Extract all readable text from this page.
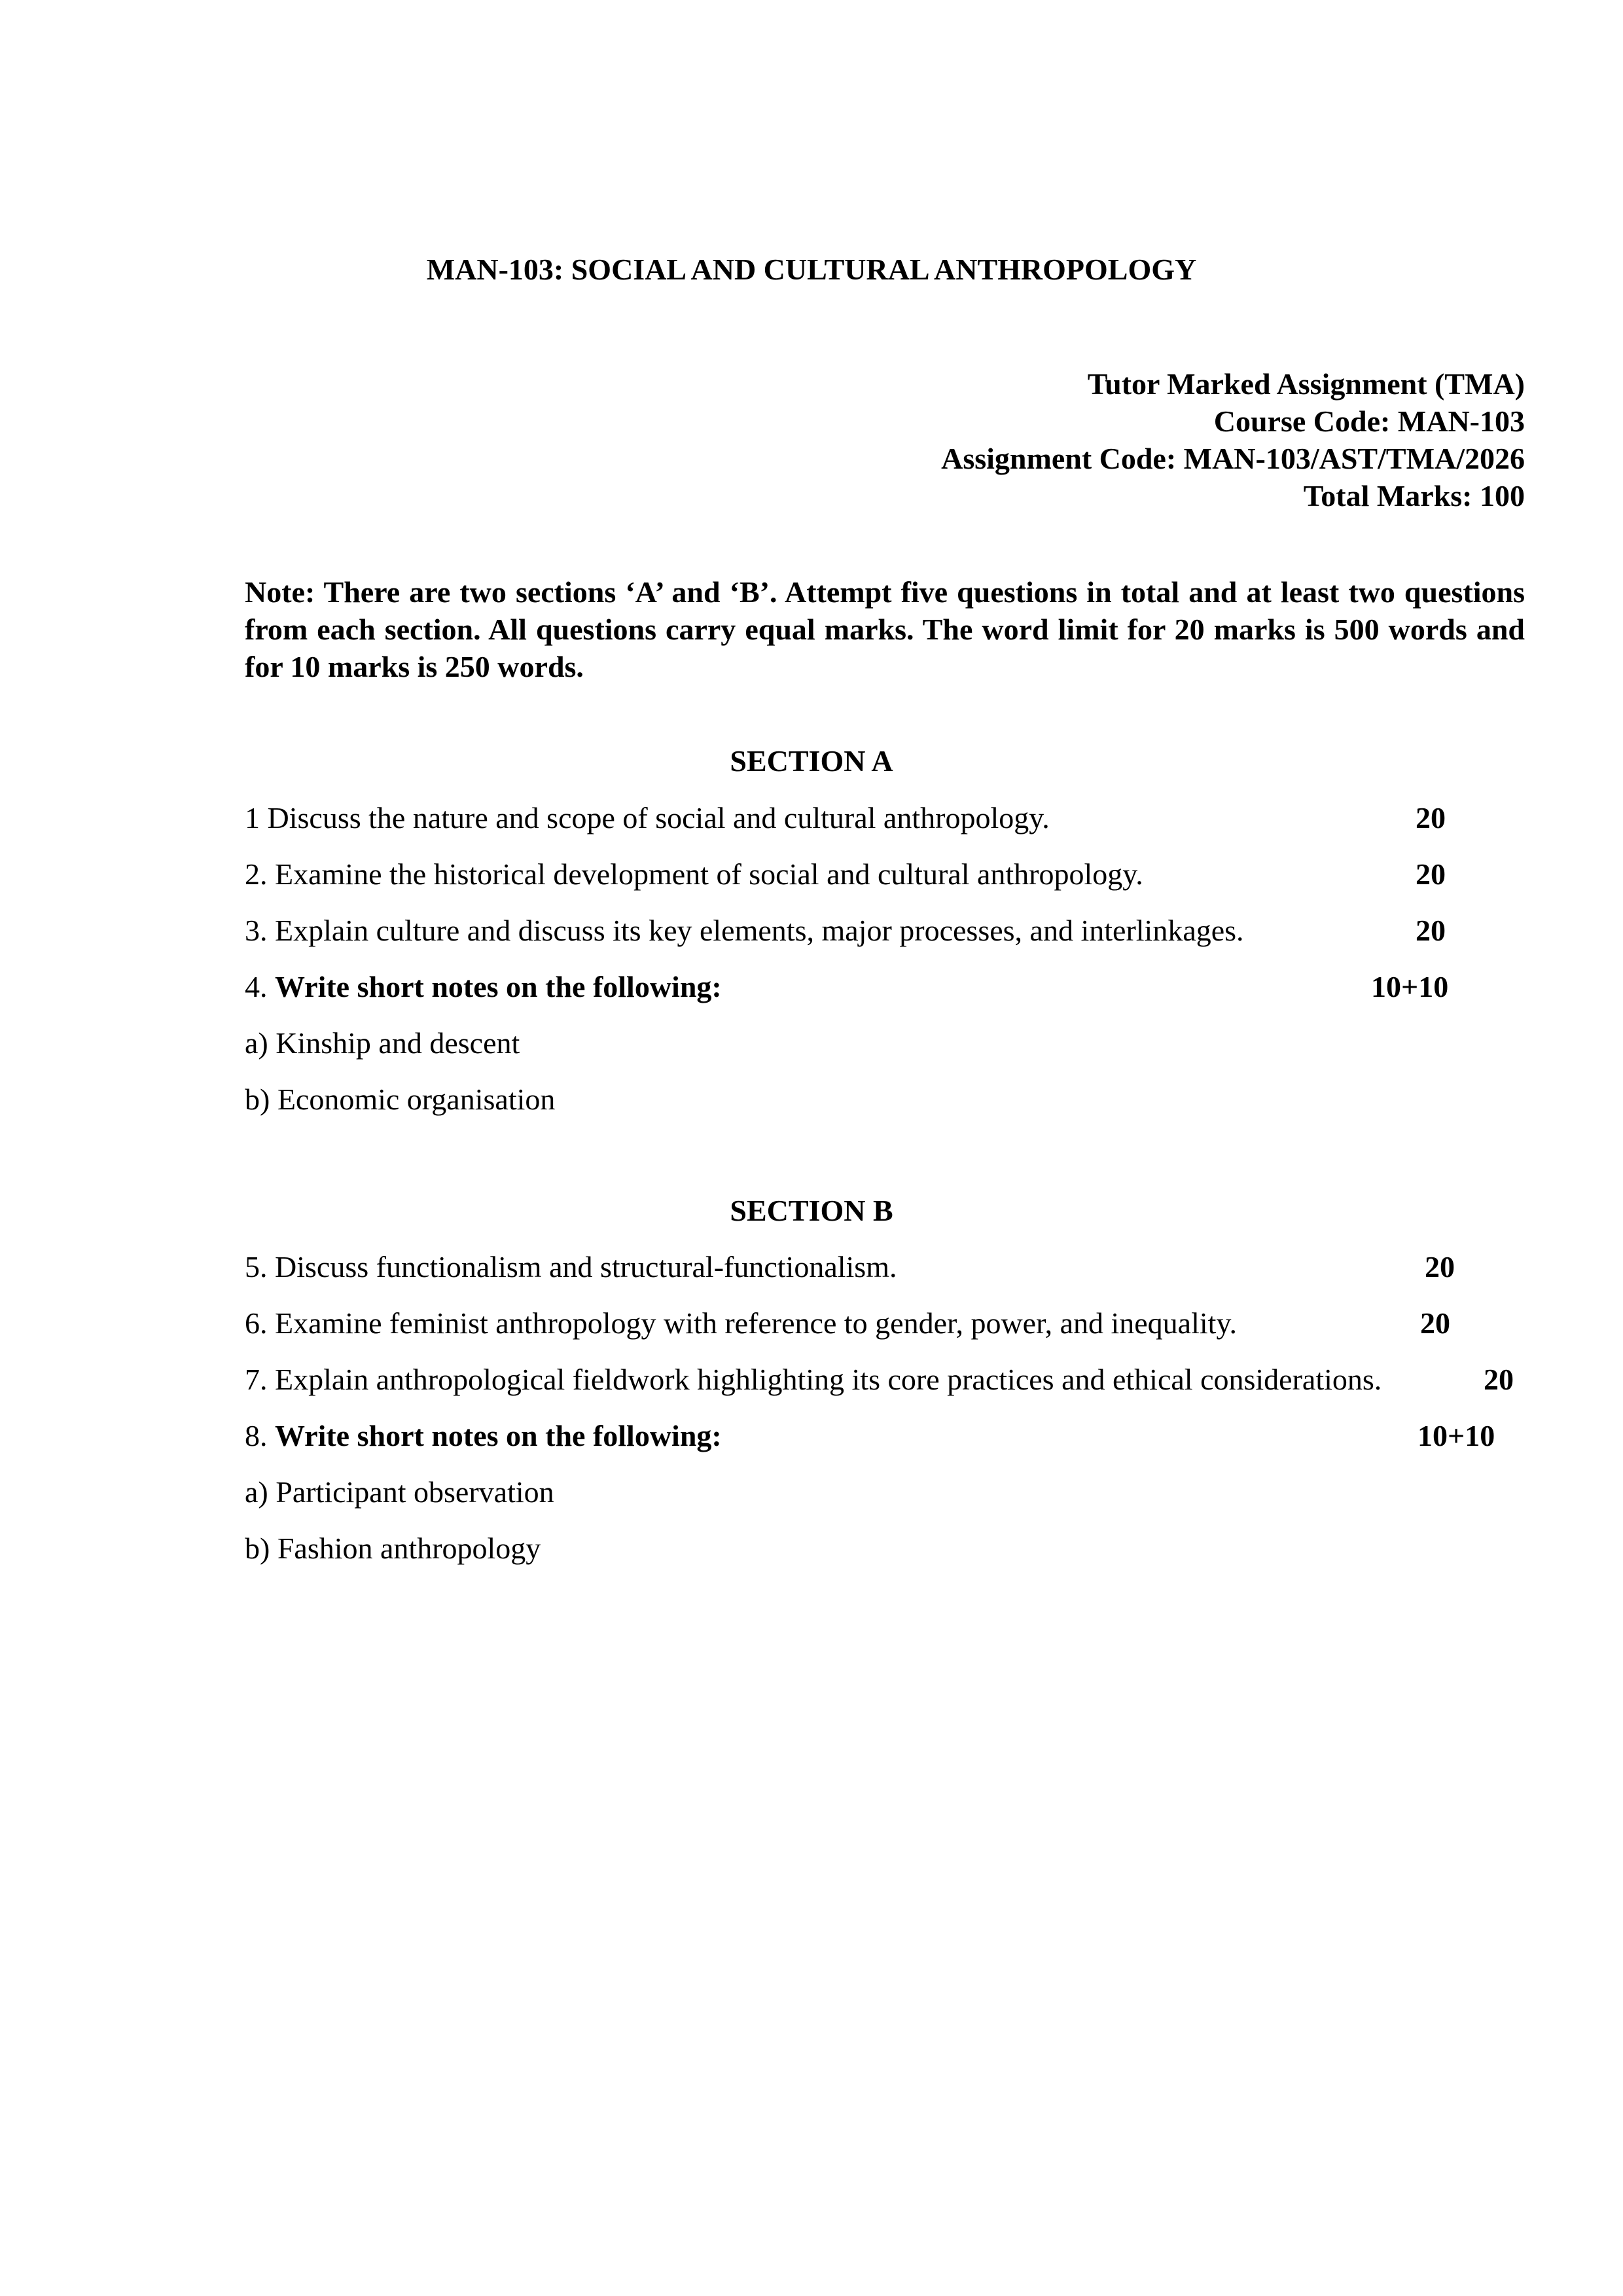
MAN-103: SOCIAL AND CULTURAL ANTHROPOLOGY
Tutor Marked Assignment (TMA)
Course Code: MAN-103
Assignment Code: MAN-103/AST/TMA/2026
Total Marks: 100
Note: There are two sections ‘A’ and ‘B’. Attempt five questions in total and at least two questions from each section. All questions carry equal marks. The word limit for 20 marks is 500 words and for 10 marks is 250 words.
SECTION A
1 Discuss the nature and scope of social and cultural anthropology.	20
2. Examine the historical development of social and cultural anthropology.	20
3. Explain culture and discuss its key elements, major processes, and interlinkages.	20
4. Write short notes on the following:	10+10
a) Kinship and descent
b) Economic organisation
SECTION B
5. Discuss functionalism and structural-functionalism.	20
6. Examine feminist anthropology with reference to gender, power, and inequality.	20
7. Explain anthropological fieldwork highlighting its core practices and ethical considerations.	20
8. Write short notes on the following:	10+10
a) Participant observation
b) Fashion anthropology
